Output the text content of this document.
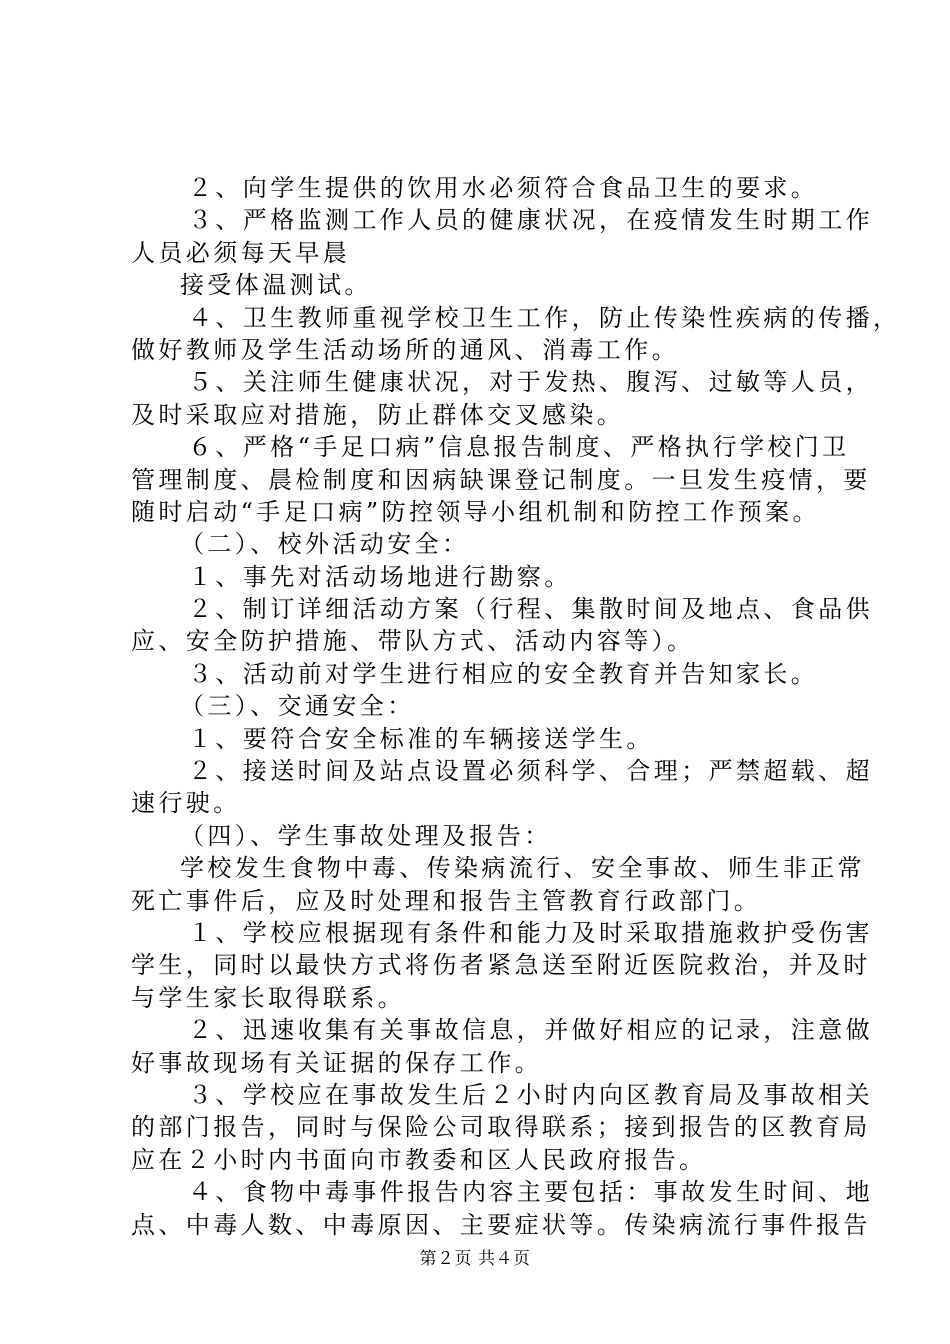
２、向学生提供的饮用水必须符合食品卫生的要求。
３、严格监测工作人员的健康状况，在疫情发生时期工作
人员必须每天早晨
接受体温测试。
４、卫生教师重视学校卫生工作，防止传染性疾病的传播，
做好教师及学生活动场所的通风、消毒工作。
５、关注师生健康状况，对于发热、腹泻、过敏等人员，
及时采取应对措施，防止群体交叉感染。
６、严格“手足口病”信息报告制度、严格执行学校门卫
管理制度、晨检制度和因病缺课登记制度。一旦发生疫情，要
随时启动“手足口病”防控领导小组机制和防控工作预案。
（二）、校外活动安全：
１、事先对活动场地进行勘察。
２、制订详细活动方案（行程、集散时间及地点、食品供
应、安全防护措施、带队方式、活动内容等）。
３、活动前对学生进行相应的安全教育并告知家长。
（三）、交通安全：
１、要符合安全标准的车辆接送学生。
２、接送时间及站点设置必须科学、合理；严禁超载、超
速行驶。
（四）、学生事故处理及报告：
学校发生食物中毒、传染病流行、安全事故、师生非正常
死亡事件后，应及时处理和报告主管教育行政部门。
１、学校应根据现有条件和能力及时采取措施救护受伤害
学生，同时以最快方式将伤者紧急送至附近医院救治，并及时
与学生家长取得联系。
２、迅速收集有关事故信息，并做好相应的记录，注意做
好事故现场有关证据的保存工作。
３、学校应在事故发生后２小时内向区教育局及事故相关
的部门报告，同时与保险公司取得联系；接到报告的区教育局
应在２小时内书面向市教委和区人民政府报告。
４、食物中毒事件报告内容主要包括：事故发生时间、地
点、中毒人数、中毒原因、主要症状等。传染病流行事件报告
第２页 共４页
